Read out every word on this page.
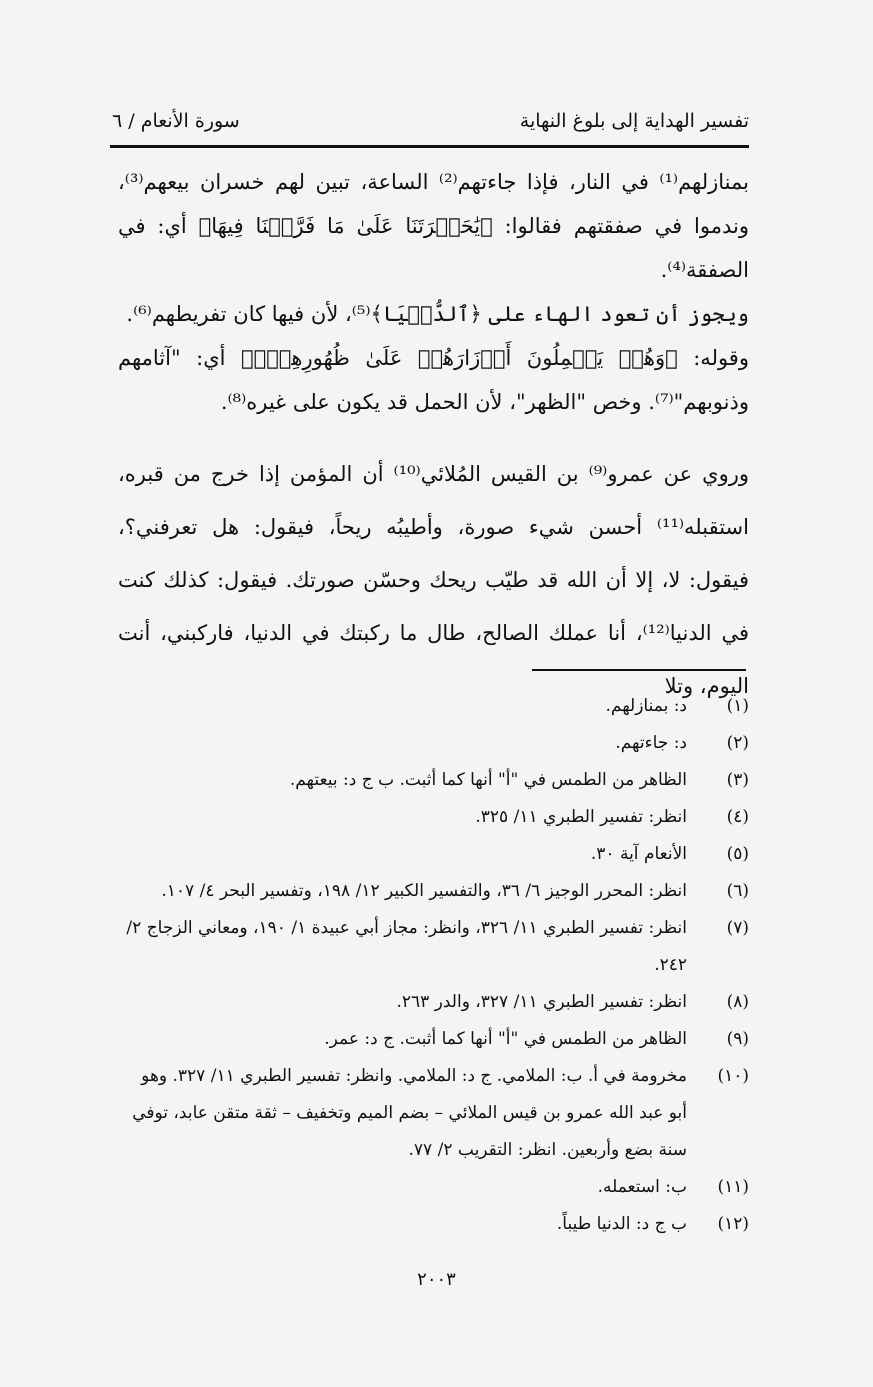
تفسير الهداية إلى بلوغ النهاية
سورة الأنعام / ٦

بمنازلهم⁽¹⁾ في النار، فإذا جاءتهم⁽²⁾ الساعة، تبين لهم خسران بيعهم⁽³⁾، وندموا في صفقتهم فقالوا: ﴿يَٰحَسۡرَتَنَا عَلَىٰ مَا فَرَّطۡنَا فِيهَا﴾ أي: في الصفقة⁽⁴⁾.

ويجوز أن تعود الهاء على ﴿ٱلدُّنۡيَا﴾⁽⁵⁾، لأن فيها كان تفريطهم⁽⁶⁾.

وقوله: ﴿وَهُمۡ يَحۡمِلُونَ أَوۡزَارَهُمۡ عَلَىٰ ظُهُورِهِمۡۚ﴾ أي: "آثامهم وذنوبهم"⁽⁷⁾. وخص "الظهر"، لأن الحمل قد يكون على غيره⁽⁸⁾.

وروي عن عمرو⁽⁹⁾ بن القيس المُلائي⁽¹⁰⁾ أن المؤمن إذا خرج من قبره، استقبله⁽¹¹⁾ أحسن شيء صورة، وأطيبُه ريحاً، فيقول: هل تعرفني؟، فيقول: لا، إلا أن الله قد طيّب ريحك وحسّن صورتك. فيقول: كذلك كنت في الدنيا⁽¹²⁾، أنا عملك الصالح، طال ما ركبتك في الدنيا، فاركبني، أنت اليوم، وتلا

(١)
د: بمنازلهم.
(٢)
د: جاءتهم.
(٣)
الظاهر من الطمس في "أ" أنها كما أثبت. ب ج د: بيعتهم.
(٤)
انظر: تفسير الطبري ١١/ ٣٢٥.
(٥)
الأنعام آية ٣٠.
(٦)
انظر: المحرر الوجيز ٦/ ٣٦، والتفسير الكبير ١٢/ ١٩٨، وتفسير البحر ٤/ ١٠٧.
(٧)
انظر: تفسير الطبري ١١/ ٣٢٦، وانظر: مجاز أبي عبيدة ١/ ١٩٠، ومعاني الزجاج ٢/ ٢٤٢.
(٨)
انظر: تفسير الطبري ١١/ ٣٢٧، والدر ٢٦٣.
(٩)
الظاهر من الطمس في "أ" أنها كما أثبت. ج د: عمر.
(١٠)
مخرومة في أ. ب: الملامي. ج د: الملامي. وانظر: تفسير الطبري ١١/ ٣٢٧. وهو أبو عبد الله عمرو بن قيس الملائي – بضم الميم وتخفيف – ثقة متقن عابد، توفي سنة بضع وأربعين. انظر: التقريب ٢/ ٧٧.
(١١)
ب: استعمله.
(١٢)
ب ج د: الدنيا طيباً.
٢٠٠٣
